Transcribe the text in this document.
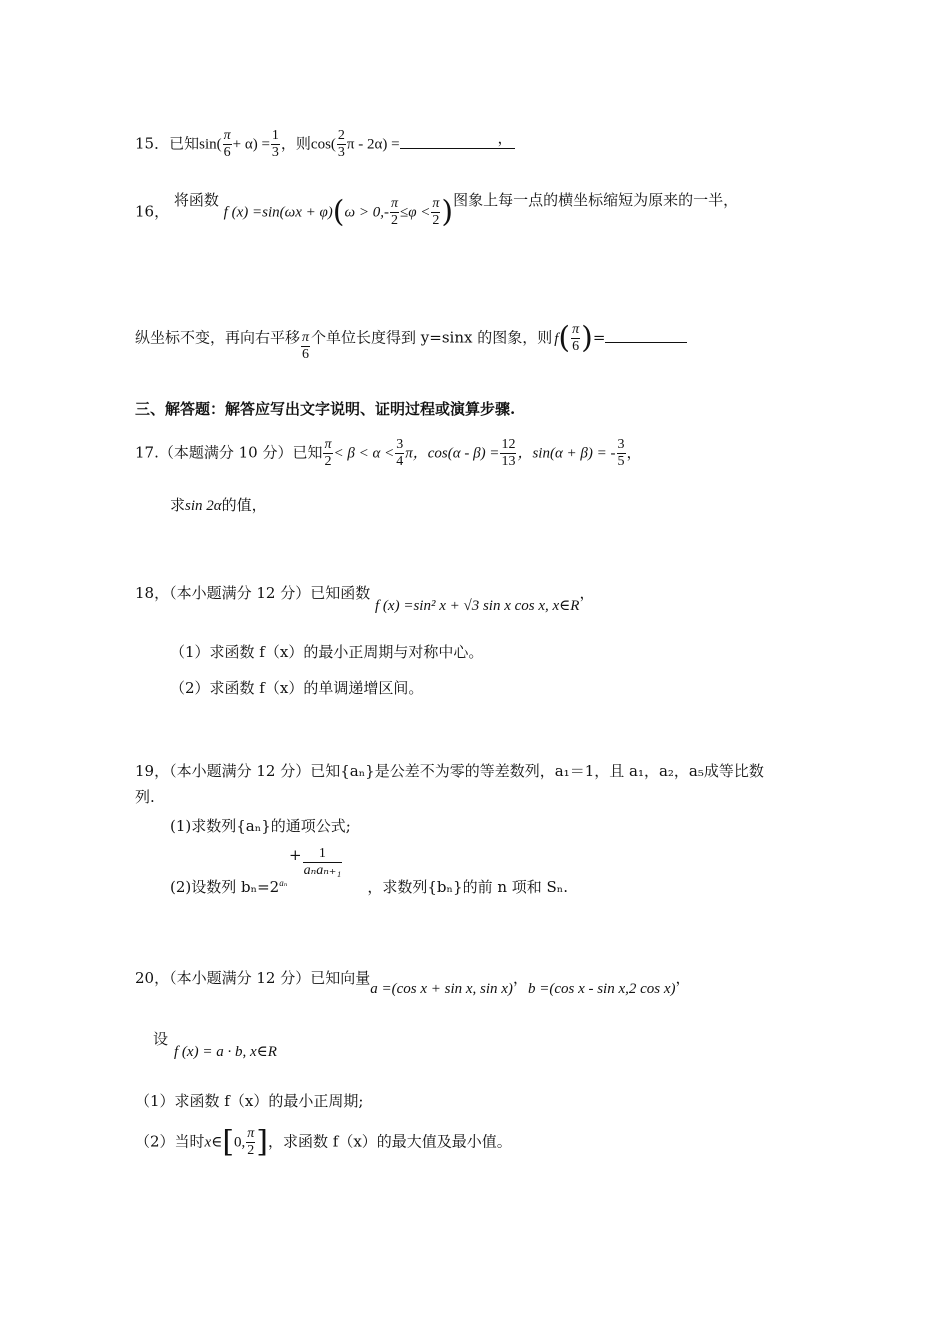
15．已知$\sin( \frac{\pi}{6} + \alpha) = \frac{1}{3}$ ，则$\cos( \frac{2}{3}$ π - 2α) =	，
16， 将函数 f $(x) =\sin(\omega x + \varphi)(\omega > 0,- \frac{\pi}{2} \le\varphi < \frac{\pi}{2}$ )图象上每一点的横坐标缩短为原来的一半，
纵坐标不变，再向右平移 $\frac{\pi}{6}$ 个单位长度得到 y=sinx 的图象，则 $f( \frac{\pi}{6}$ )=
三、解答题：解答应写出文字说明、证明过程或演算步骤.
17.（本题满分 10 分）已知 $\frac{\pi}{2} < \beta < \alpha < \frac{3}{4}$ π，$\cos(\alpha - \beta) = \frac{12}{13}$ ，sin(α + β) = - $\frac{3}{5}$ ，
求sin 2α的值，
18，（本小题满分 12 分）已知函数 f (x) =sin² x + √3 sin x cos x, x∈R，
（1）求函数 f（x）的最小正周期与对称中心。
（2）求函数 f（x）的单调递增区间。
19，（本小题满分 12 分）已知{aₙ}是公差不为零的等差数列，a₁＝1，且 a₁，a₂，a₅成等比数
列.
(1)求数列{aₙ}的通项公式;
+ $\frac{1}{\text{aₙaₙ₊₁}}$
(2)设数列 $b_n=2^{a_n}$	，求数列{bₙ}的前 n 项和 Sₙ.
20，（本小题满分 12 分）已知向量a =(cos x + sin x, sin x)，b =(cos x - sin x,2 cos x)，
设
f (x) = a · b, x∈R
（1）求函数 f（x）的最小正周期;
（2）当时x∈[0, $\frac{\pi}{2}$ ]，求函数 f（x）的最大值及最小值。
